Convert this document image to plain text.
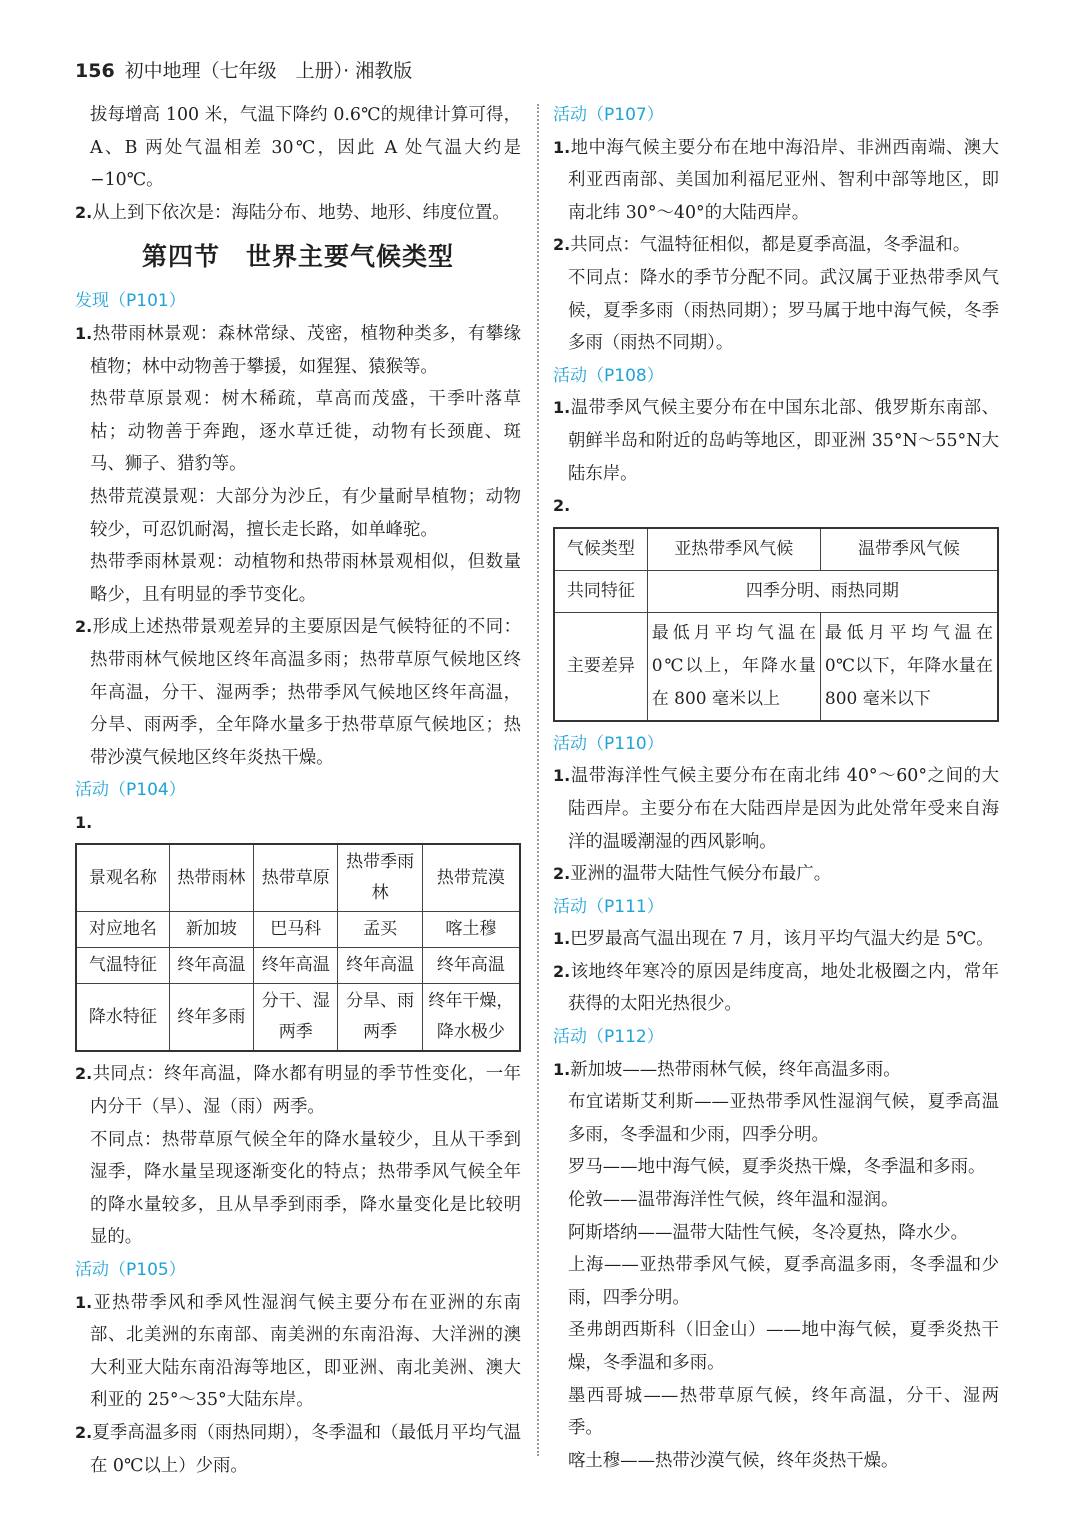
156 初中地理（七年级　上册）· 湘教版

拔每增高 100 米，气温下降约 0.6℃的规律计算可得，A、B 两处气温相差 30℃，因此 A 处气温大约是−10℃。

2.从上到下依次是：海陆分布、地势、地形、纬度位置。

第四节　世界主要气候类型

发现（P101）

1.热带雨林景观：森林常绿、茂密，植物种类多，有攀缘植物；林中动物善于攀援，如猩猩、猿猴等。

热带草原景观：树木稀疏，草高而茂盛，干季叶落草枯；动物善于奔跑，逐水草迁徙，动物有长颈鹿、斑马、狮子、猎豹等。

热带荒漠景观：大部分为沙丘，有少量耐旱植物；动物较少，可忍饥耐渴，擅长走长路，如单峰驼。

热带季雨林景观：动植物和热带雨林景观相似，但数量略少，且有明显的季节变化。

2.形成上述热带景观差异的主要原因是气候特征的不同：热带雨林气候地区终年高温多雨；热带草原气候地区终年高温，分干、湿两季；热带季风气候地区终年高温，分旱、雨两季，全年降水量多于热带草原气候地区；热带沙漠气候地区终年炎热干燥。

活动（P104）

1.

景观名称	热带雨林	热带草原	热带季雨林	热带荒漠
对应地名	新加坡	巴马科	孟买	喀土穆
气温特征	终年高温	终年高温	终年高温	终年高温
降水特征	终年多雨	分干、湿两季	分旱、雨两季	终年干燥，降水极少

2.共同点：终年高温，降水都有明显的季节性变化，一年内分干（旱）、湿（雨）两季。

不同点：热带草原气候全年的降水量较少，且从干季到湿季，降水量呈现逐渐变化的特点；热带季风气候全年的降水量较多，且从旱季到雨季，降水量变化是比较明显的。

活动（P105）

1.亚热带季风和季风性湿润气候主要分布在亚洲的东南部、北美洲的东南部、南美洲的东南沿海、大洋洲的澳大利亚大陆东南沿海等地区，即亚洲、南北美洲、澳大利亚的 25°～35°大陆东岸。

2.夏季高温多雨（雨热同期），冬季温和（最低月平均气温在 0℃以上）少雨。

活动（P107）

1.地中海气候主要分布在地中海沿岸、非洲西南端、澳大利亚西南部、美国加利福尼亚州、智利中部等地区，即南北纬 30°～40°的大陆西岸。

2.共同点：气温特征相似，都是夏季高温，冬季温和。

不同点：降水的季节分配不同。武汉属于亚热带季风气候，夏季多雨（雨热同期）；罗马属于地中海气候，冬季多雨（雨热不同期）。

活动（P108）

1.温带季风气候主要分布在中国东北部、俄罗斯东南部、朝鲜半岛和附近的岛屿等地区，即亚洲 35°N～55°N大陆东岸。

2.

气候类型	亚热带季风气候	温带季风气候
共同特征	四季分明、雨热同期	
主要差异	最低月平均气温在 0℃以上，年降水量在 800 毫米以上	最低月平均气温在 0℃以下，年降水量在 800 毫米以下

活动（P110）

1.温带海洋性气候主要分布在南北纬 40°～60°之间的大陆西岸。主要分布在大陆西岸是因为此处常年受来自海洋的温暖潮湿的西风影响。

2.亚洲的温带大陆性气候分布最广。

活动（P111）

1.巴罗最高气温出现在 7 月，该月平均气温大约是 5℃。

2.该地终年寒冷的原因是纬度高，地处北极圈之内，常年获得的太阳光热很少。

活动（P112）

1.新加坡——热带雨林气候，终年高温多雨。

布宜诺斯艾利斯——亚热带季风性湿润气候，夏季高温多雨，冬季温和少雨，四季分明。

罗马——地中海气候，夏季炎热干燥，冬季温和多雨。

伦敦——温带海洋性气候，终年温和湿润。

阿斯塔纳——温带大陆性气候，冬冷夏热，降水少。

上海——亚热带季风气候，夏季高温多雨，冬季温和少雨，四季分明。

圣弗朗西斯科（旧金山）——地中海气候，夏季炎热干燥，冬季温和多雨。

墨西哥城——热带草原气候，终年高温，分干、湿两季。

喀土穆——热带沙漠气候，终年炎热干燥。
